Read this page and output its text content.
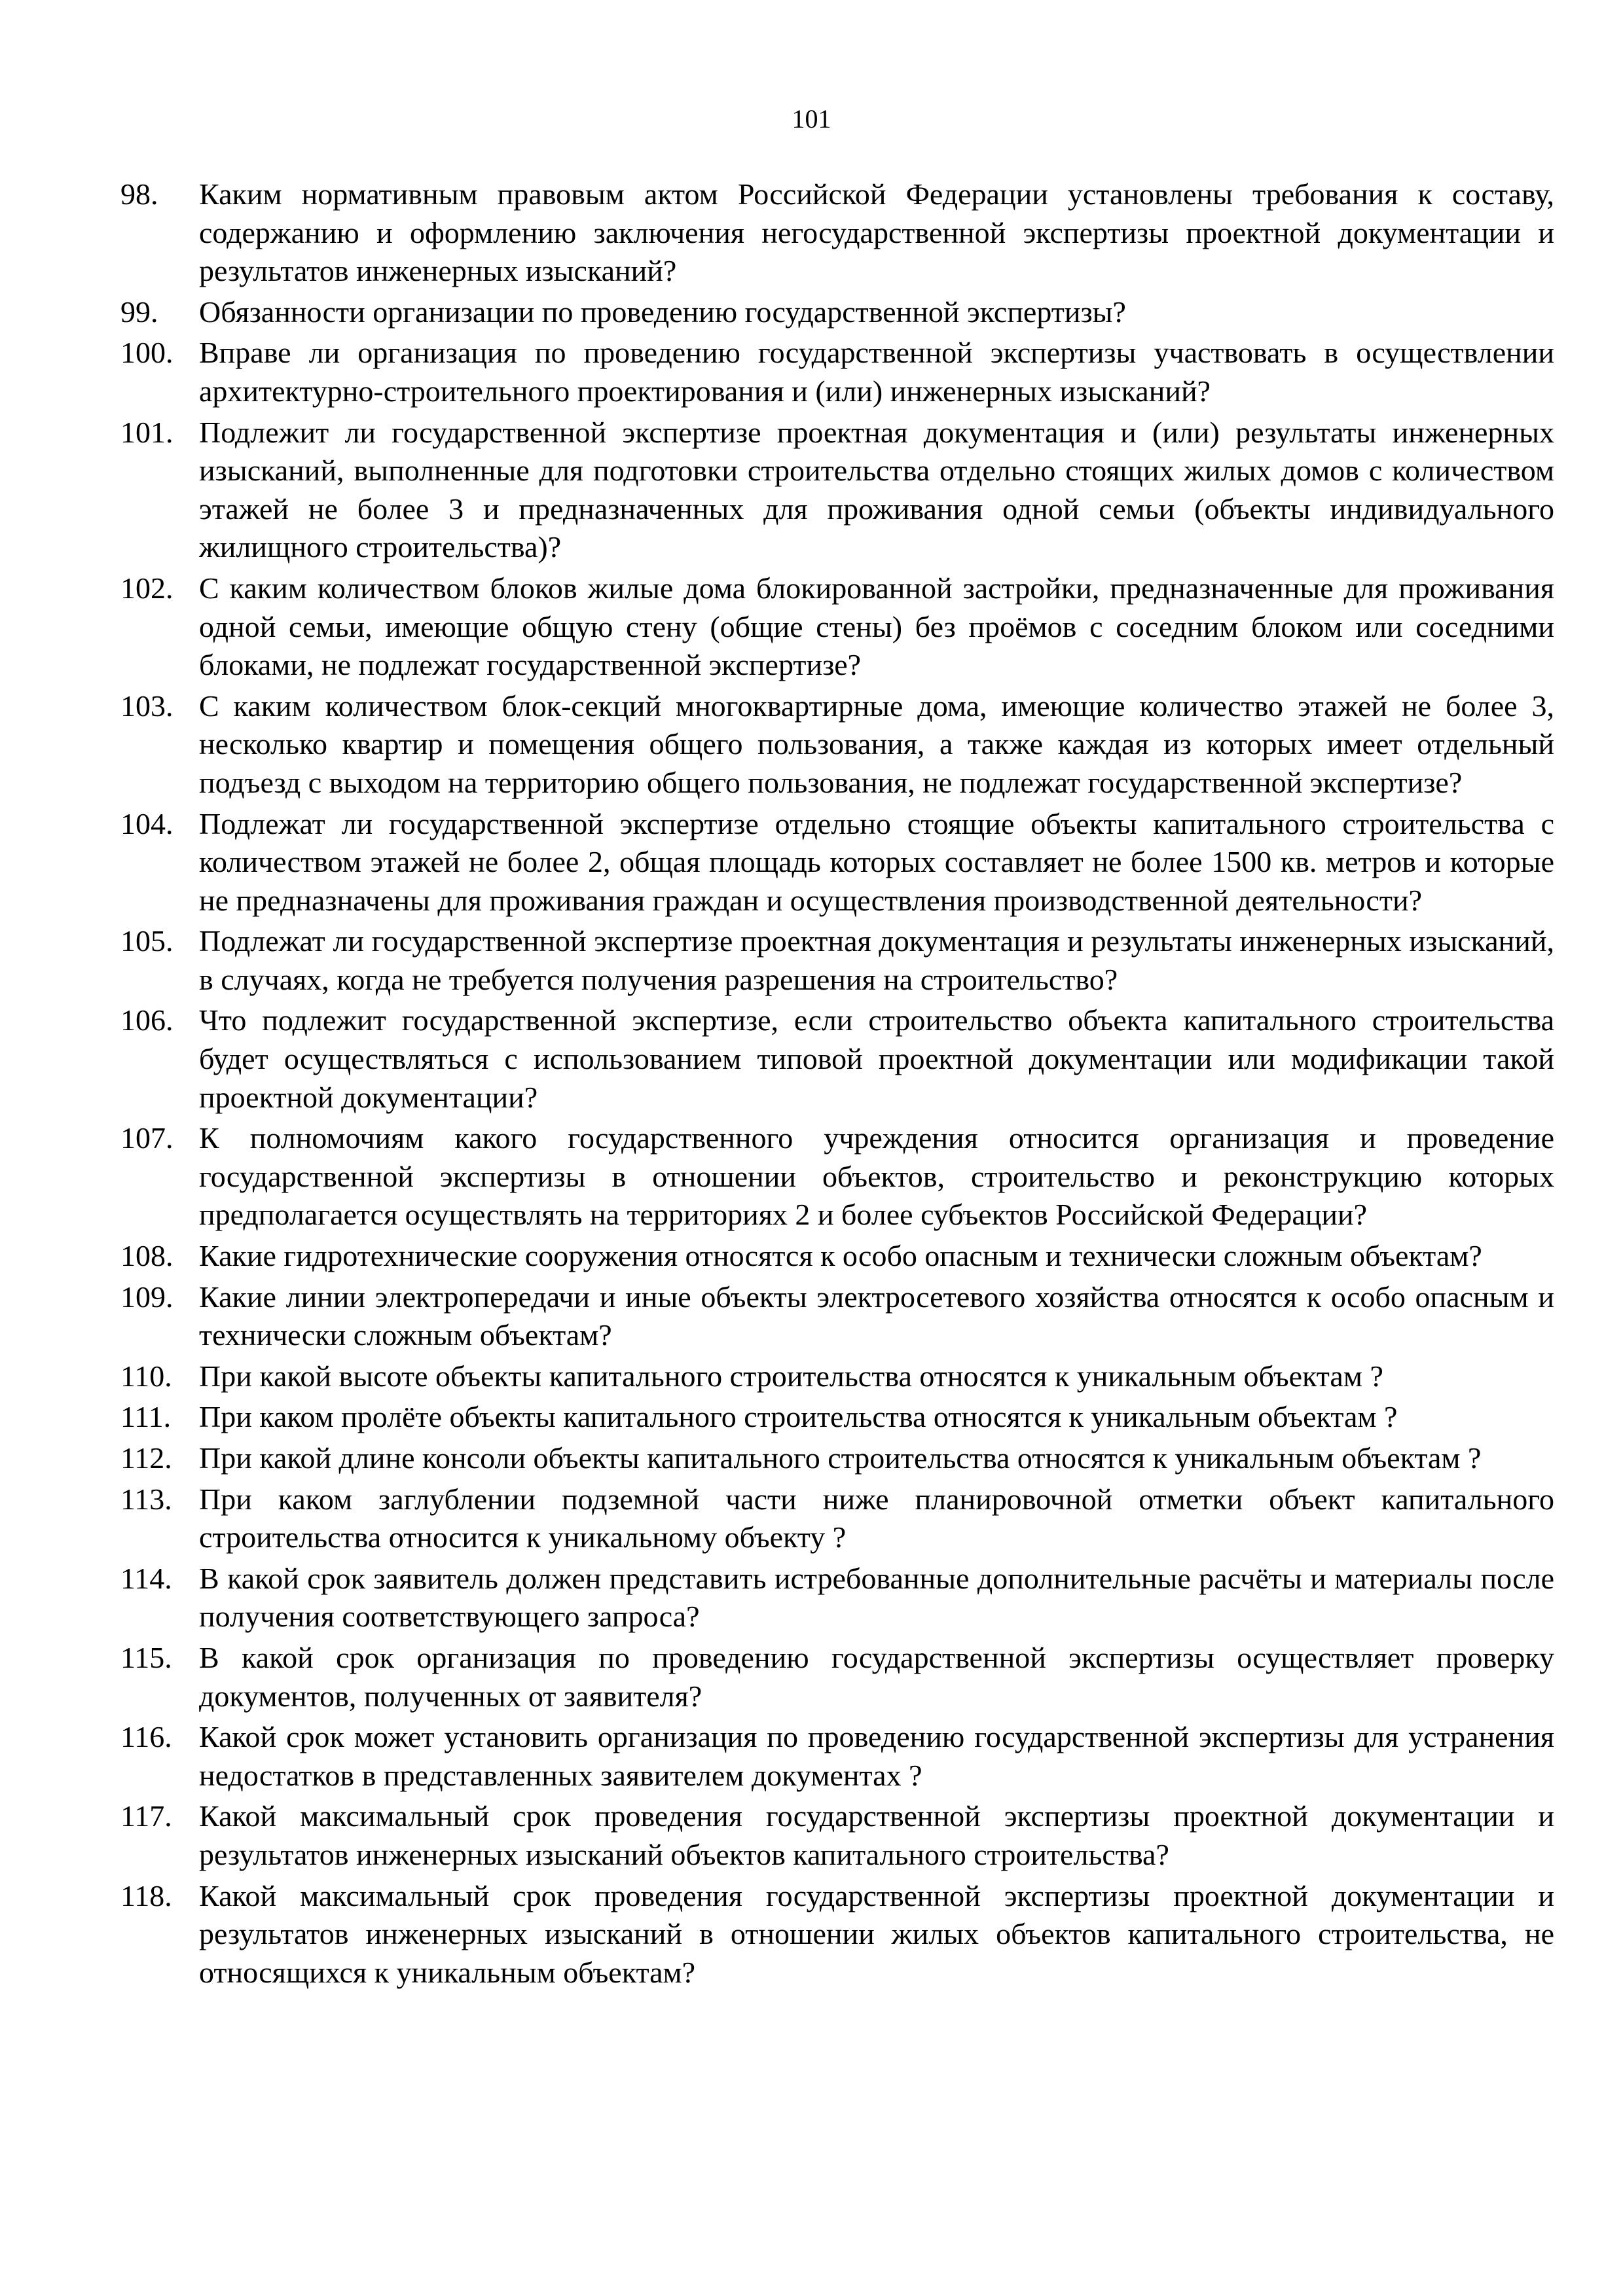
101
98.	Каким нормативным правовым актом Российской Федерации установлены требования к составу, содержанию и оформлению заключения негосударственной экспертизы проектной документации и результатов инженерных изысканий?
99.	Обязанности организации по проведению государственной экспертизы?
100. Вправе ли организация по проведению государственной экспертизы участвовать в осуществлении архитектурно-строительного проектирования и (или) инженерных изысканий?
101. Подлежит ли государственной экспертизе проектная документация и (или) результаты инженерных изысканий, выполненные для подготовки строительства отдельно стоящих жилых домов с количеством этажей не более 3 и предназначенных для проживания одной семьи (объекты индивидуального жилищного строительства)?
102. С каким количеством блоков жилые дома блокированной застройки, предназначенные для проживания одной семьи, имеющие общую стену (общие стены) без проёмов с соседним блоком или соседними блоками, не подлежат государственной экспертизе?
103. С каким количеством блок-секций многоквартирные дома, имеющие количество этажей не более 3, несколько квартир и помещения общего пользования, а также каждая из которых имеет отдельный подъезд с выходом на территорию общего пользования, не подлежат государственной экспертизе?
104. Подлежат ли государственной экспертизе отдельно стоящие объекты капитального строительства с количеством этажей не более 2, общая площадь которых составляет не более 1500 кв. метров и которые не предназначены для проживания граждан и осуществления производственной деятельности?
105. Подлежат ли государственной экспертизе проектная документация и результаты инженерных изысканий, в случаях, когда не требуется получения разрешения на строительство?
106. Что подлежит государственной экспертизе, если строительство объекта капитального строительства будет осуществляться с использованием типовой проектной документации или модификации такой проектной документации?
107. К полномочиям какого государственного учреждения относится организация и проведение государственной экспертизы в отношении объектов, строительство и реконструкцию которых предполагается осуществлять на территориях 2 и более субъектов Российской Федерации?
108. Какие гидротехнические сооружения относятся к особо опасным и технически сложным объектам?
109. Какие линии электропередачи и иные объекты электросетевого хозяйства относятся к особо опасным и технически сложным объектам?
110. При какой высоте объекты капитального строительства относятся к уникальным объектам ?
111. При каком пролёте объекты капитального строительства относятся к уникальным объектам ?
112. При какой длине консоли объекты капитального строительства относятся к уникальным объектам ?
113. При каком заглублении подземной части ниже планировочной отметки объект капитального строительства относится к уникальному объекту ?
114. В какой срок заявитель должен представить истребованные дополнительные расчёты и материалы после получения соответствующего запроса?
115. В какой срок организация по проведению государственной экспертизы осуществляет проверку документов, полученных от заявителя?
116. Какой срок может установить организация по проведению государственной экспертизы для устранения недостатков в представленных заявителем документах ?
117. Какой максимальный срок проведения государственной экспертизы проектной документации и результатов инженерных изысканий объектов капитального строительства?
118. Какой максимальный срок проведения государственной экспертизы проектной документации и результатов инженерных изысканий в отношении жилых объектов капитального строительства, не относящихся к уникальным объектам?
